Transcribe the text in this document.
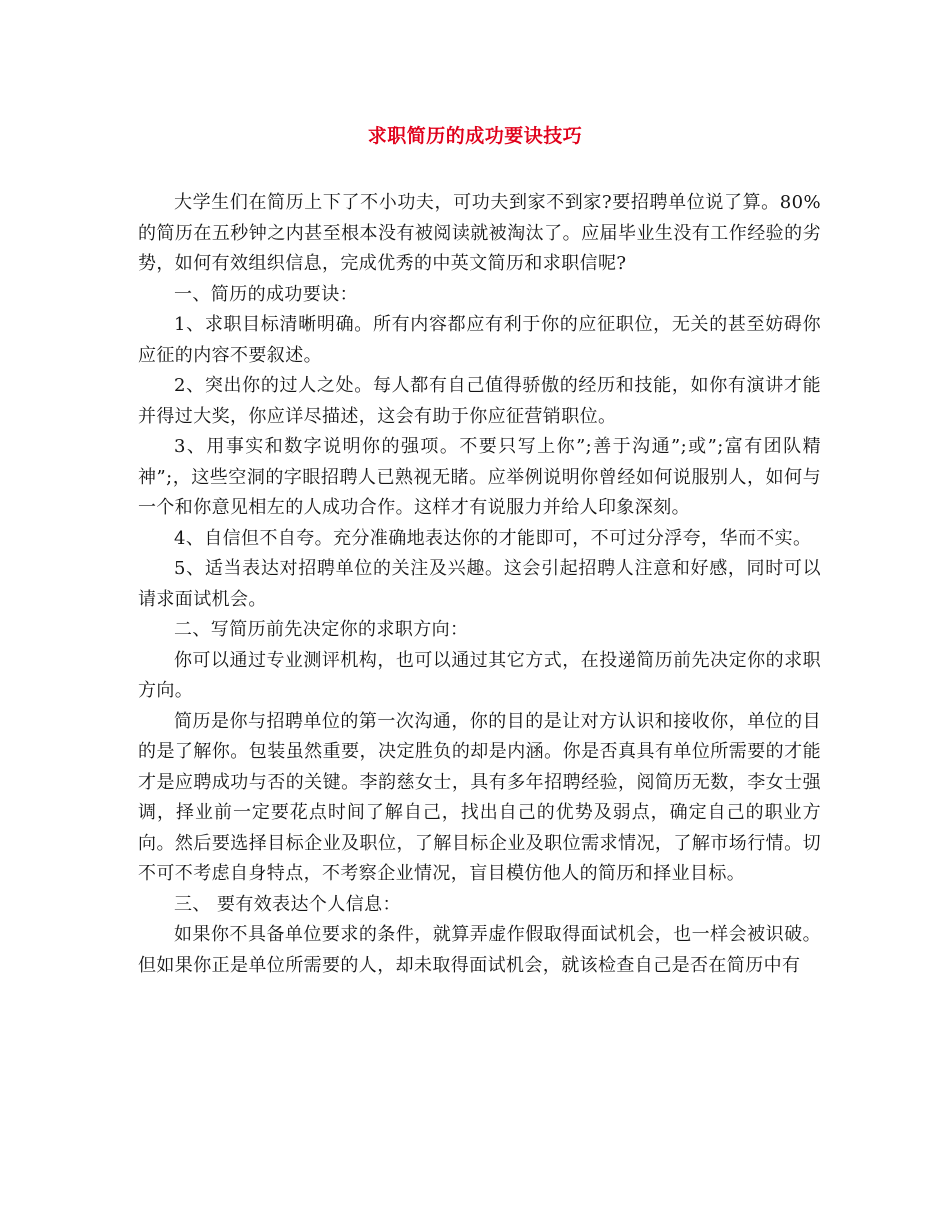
求职简历的成功要诀技巧

大学生们在简历上下了不小功夫，可功夫到家不到家?要招聘单位说了算。80%的简历在五秒钟之内甚至根本没有被阅读就被淘汰了。应届毕业生没有工作经验的劣势，如何有效组织信息，完成优秀的中英文简历和求职信呢?

一、简历的成功要诀：

1、求职目标清晰明确。所有内容都应有利于你的应征职位，无关的甚至妨碍你应征的内容不要叙述。

2、突出你的过人之处。每人都有自己值得骄傲的经历和技能，如你有演讲才能并得过大奖，你应详尽描述，这会有助于你应征营销职位。

3、用事实和数字说明你的强项。不要只写上你”;善于沟通”;或”;富有团队精神”;，这些空洞的字眼招聘人已熟视无睹。应举例说明你曾经如何说服别人，如何与一个和你意见相左的人成功合作。这样才有说服力并给人印象深刻。

4、自信但不自夸。充分准确地表达你的才能即可，不可过分浮夸，华而不实。

5、适当表达对招聘单位的关注及兴趣。这会引起招聘人注意和好感，同时可以请求面试机会。

二、写简历前先决定你的求职方向：

你可以通过专业测评机构，也可以通过其它方式，在投递简历前先决定你的求职方向。

简历是你与招聘单位的第一次沟通，你的目的是让对方认识和接收你，单位的目的是了解你。包装虽然重要，决定胜负的却是内涵。你是否真具有单位所需要的才能才是应聘成功与否的关键。李韵慈女士，具有多年招聘经验，阅简历无数，李女士强调，择业前一定要花点时间了解自己，找出自己的优势及弱点，确定自己的职业方向。然后要选择目标企业及职位，了解目标企业及职位需求情况，了解市场行情。切不可不考虑自身特点，不考察企业情况，盲目模仿他人的简历和择业目标。

三、 要有效表达个人信息：

如果你不具备单位要求的条件，就算弄虚作假取得面试机会，也一样会被识破。但如果你正是单位所需要的人，却未取得面试机会，就该检查自己是否在简历中有
